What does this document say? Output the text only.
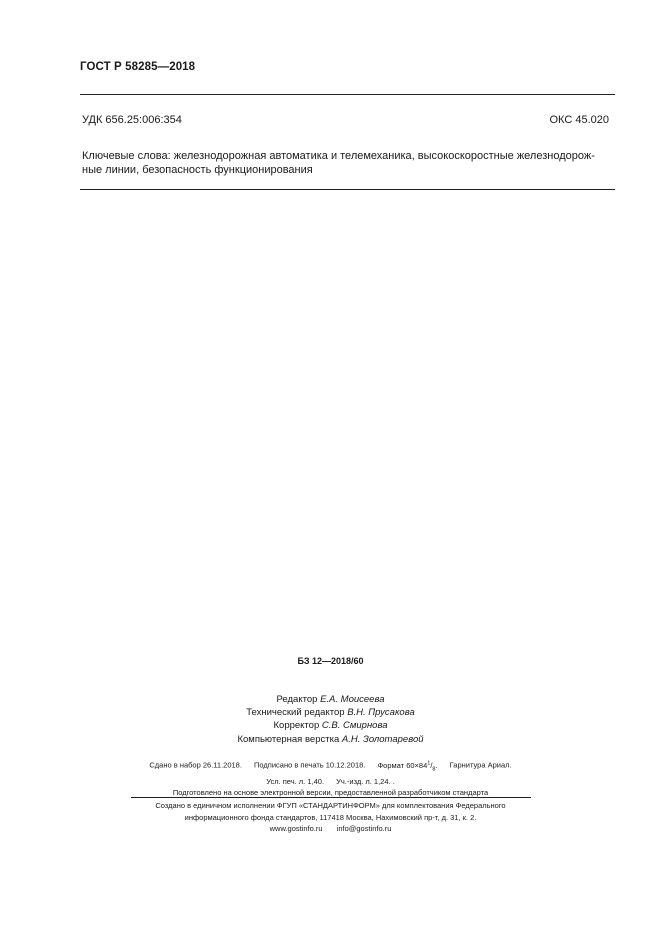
ГОСТ Р 58285—2018
УДК 656.25:006:354	ОКС 45.020
Ключевые слова: железнодорожная автоматика и телемеханика, высокоскоростные железнодорож-
ные линии, безопасность функционирования
БЗ 12—2018/60
Редактор Е.А. Моисеева
Технический редактор В.Н. Прусакова
Корректор С.В. Смирнова
Компьютерная верстка А.Н. Золотаревой
Сдано в набор 26.11.2018. Подписано в печать 10.12.2018. Формат $60\times 84^1/_8$. Гарнитура Ариал.
Усл. печ. л. 1,40. Уч.-изд. л. 1,24. .
Подготовлено на основе электронной версии, предоставленной разработчиком стандарта
Создано в единичном исполнении ФГУП «СТАНДАРТИНФОРМ» для комплектования Федерального
информационного фонда стандартов, 117418 Москва, Нахимовский пр-т, д. 31, к. 2.
www.gostinfo.ru info@gostinfo.ru
